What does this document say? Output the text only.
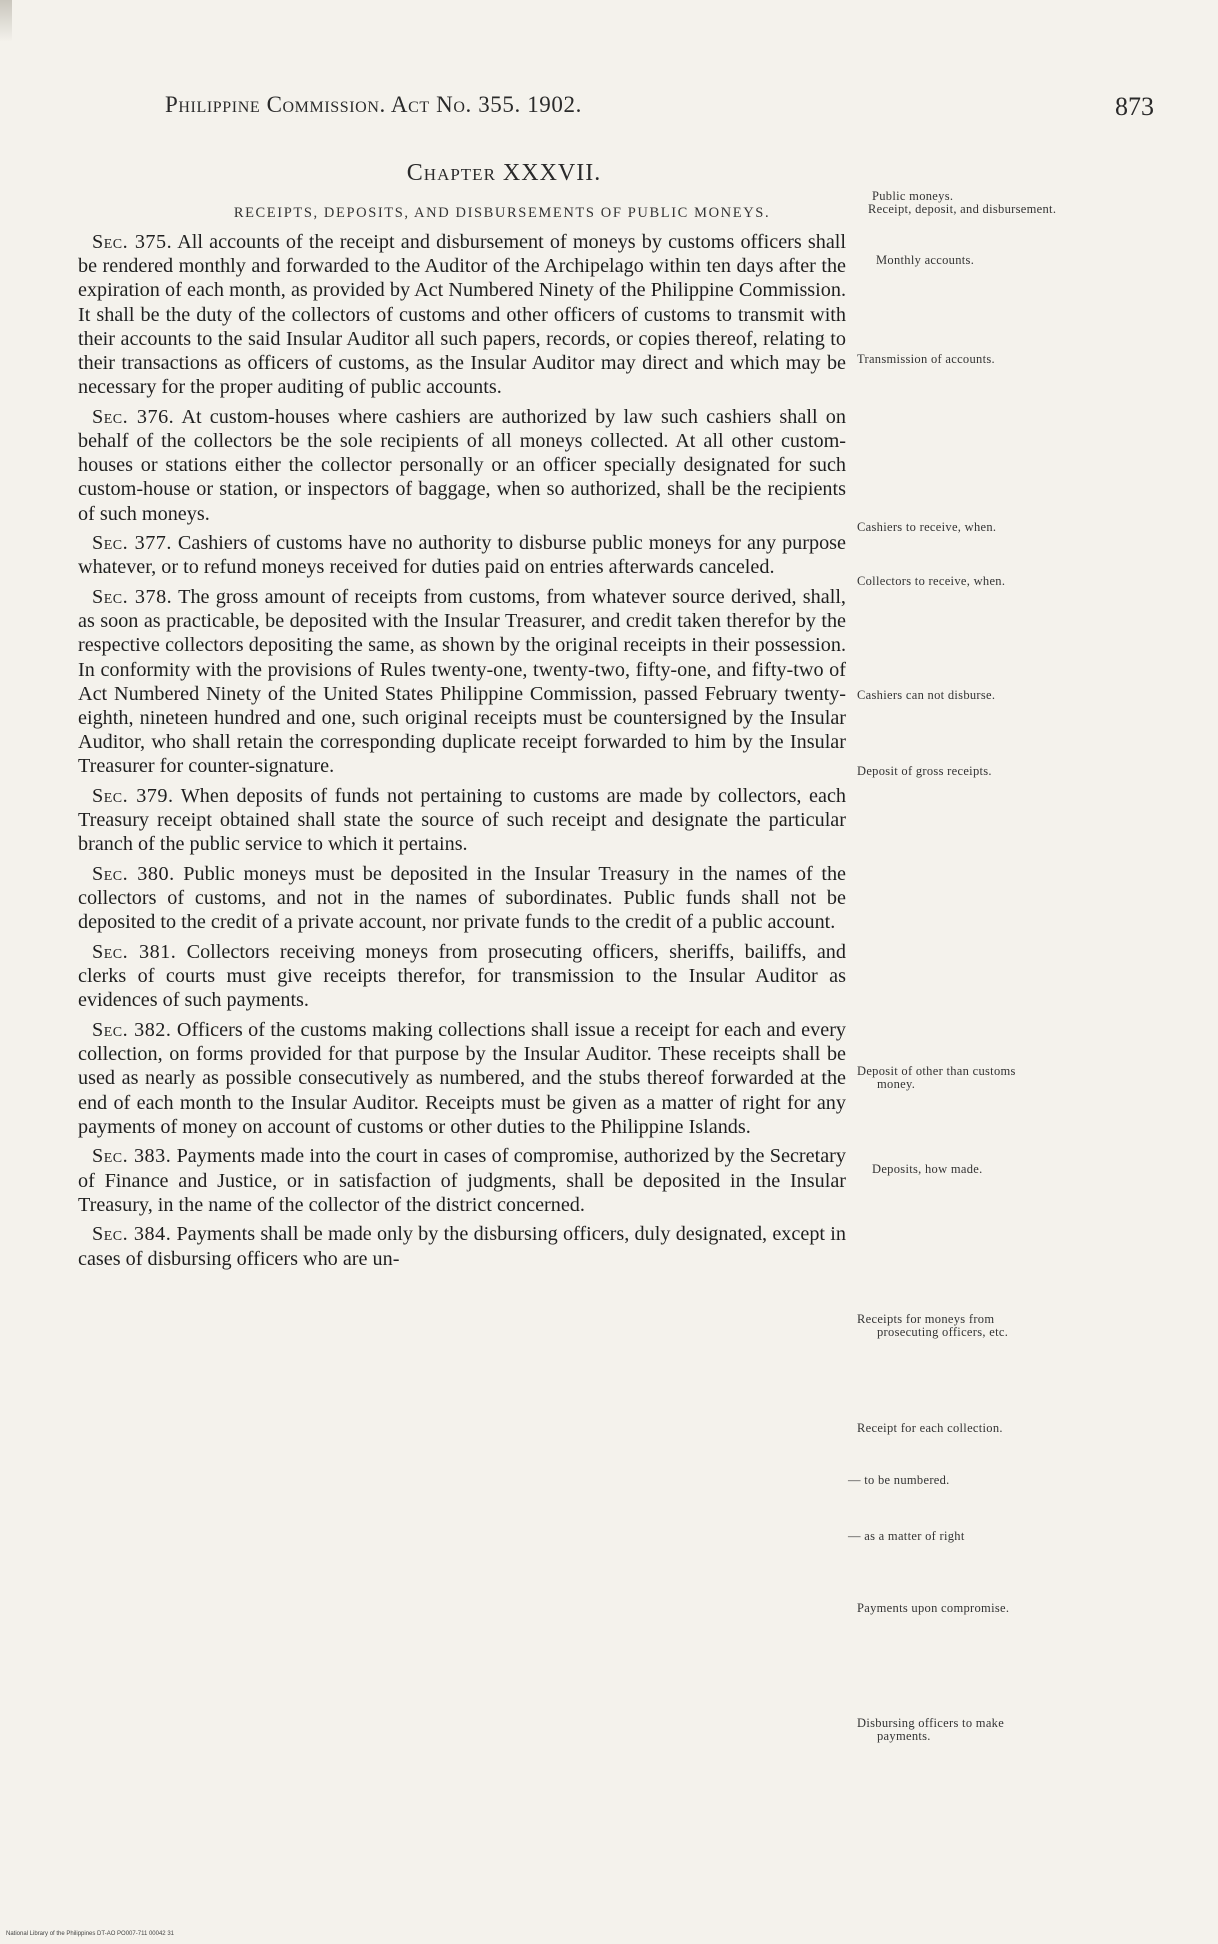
Philippine Commission. Act No. 355. 1902.	873
Chapter XXXVII.
RECEIPTS, DEPOSITS, AND DISBURSEMENTS OF PUBLIC MONEYS.

Sec. 375. All accounts of the receipt and disbursement of moneys by customs officers shall be rendered monthly and forwarded to the Auditor of the Archipelago within ten days after the expiration of each month, as provided by Act Numbered Ninety of the Philippine Commission. It shall be the duty of the collectors of customs and other officers of customs to transmit with their accounts to the said Insular Auditor all such papers, records, or copies thereof, relating to their transactions as officers of customs, as the Insular Auditor may direct and which may be necessary for the proper auditing of public accounts.

Sec. 376. At custom-houses where cashiers are authorized by law such cashiers shall on behalf of the collectors be the sole recipients of all moneys collected. At all other custom-houses or stations either the collector personally or an officer specially designated for such custom-house or station, or inspectors of baggage, when so authorized, shall be the recipients of such moneys.

Sec. 377. Cashiers of customs have no authority to disburse public moneys for any purpose whatever, or to refund moneys received for duties paid on entries afterwards canceled.

Sec. 378. The gross amount of receipts from customs, from whatever source derived, shall, as soon as practicable, be deposited with the Insular Treasurer, and credit taken therefor by the respective collectors depositing the same, as shown by the original receipts in their possession. In conformity with the provisions of Rules twenty-one, twenty-two, fifty-one, and fifty-two of Act Numbered Ninety of the United States Philippine Commission, passed February twenty-eighth, nineteen hundred and one, such original receipts must be countersigned by the Insular Auditor, who shall retain the corresponding duplicate receipt forwarded to him by the Insular Treasurer for counter-signature.

Sec. 379. When deposits of funds not pertaining to customs are made by collectors, each Treasury receipt obtained shall state the source of such receipt and designate the particular branch of the public service to which it pertains.

Sec. 380. Public moneys must be deposited in the Insular Treasury in the names of the collectors of customs, and not in the names of subordinates. Public funds shall not be deposited to the credit of a private account, nor private funds to the credit of a public account.

Sec. 381. Collectors receiving moneys from prosecuting officers, sheriffs, bailiffs, and clerks of courts must give receipts therefor, for transmission to the Insular Auditor as evidences of such payments.

Sec. 382. Officers of the customs making collections shall issue a receipt for each and every collection, on forms provided for that purpose by the Insular Auditor. These receipts shall be used as nearly as possible consecutively as numbered, and the stubs thereof forwarded at the end of each month to the Insular Auditor. Receipts must be given as a matter of right for any payments of money on account of customs or other duties to the Philippine Islands.

Sec. 383. Payments made into the court in cases of compromise, authorized by the Secretary of Finance and Justice, or in satisfaction of judgments, shall be deposited in the Insular Treasury, in the name of the collector of the district concerned.

Sec. 384. Payments shall be made only by the disbursing officers, duly designated, except in cases of disbursing officers who are un-

Public moneys.
Receipt, deposit, and disbursement.
Monthly accounts.
Transmission of accounts.
Cashiers to receive, when.
Collectors to receive, when.
Cashiers can not disburse.
Deposit of gross receipts.
Deposit of other than customs money.
Deposits, how made.
Receipts for moneys from prosecuting officers, etc.
Receipt for each collection.
— to be numbered.
— as a matter of right
Payments upon compromise.
Disbursing officers to make payments.
National Library of the Philippines DT-AO PO007-711 00042 31
